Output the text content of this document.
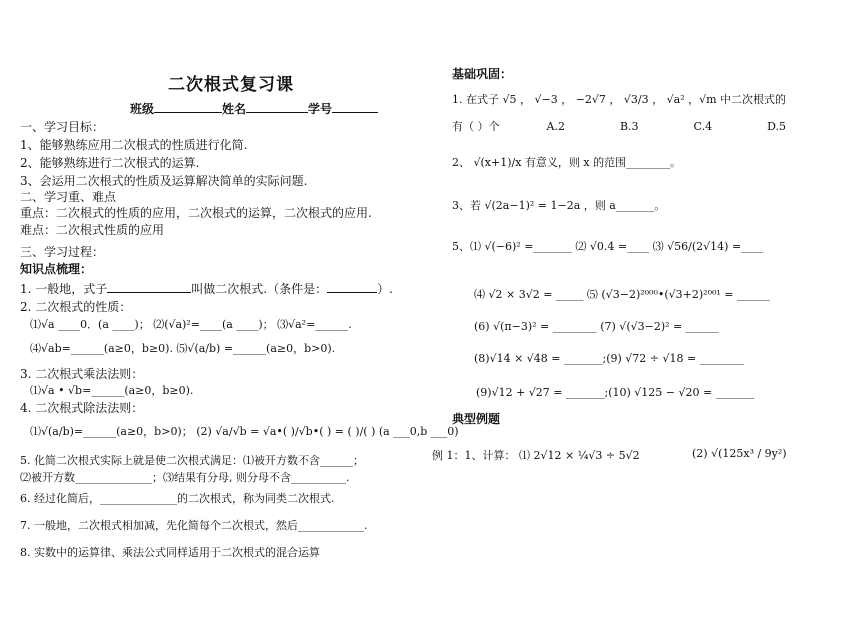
二次根式复习课
班级	姓名	学号
一、学习目标：
1、能够熟练应用二次根式的性质进行化简.
2、能够熟练进行二次根式的运算.
3、会运用二次根式的性质及运算解决简单的实际问题.
二、学习重、难点
重点：二次根式的性质的应用，二次根式的运算，二次根式的应用.
难点：二次根式性质的应用
三、学习过程：
知识点梳理：
1. 一般地，式子	叫做二次根式.（条件是：	）.
2. 二次根式的性质：
⑴√a ____0．(a ____)； ⑵(√a)²=____(a ____)； ⑶√a²=______.
⑷√ab=______(a≥0，b≥0). ⑸√(a/b) =______(a≥0，b>0).
3. 二次根式乘法法则：
⑴√a • √b=______(a≥0，b≥0).
4. 二次根式除法法则：
⑴√(a/b)=______(a≥0，b>0)； (2) √a/√b = √a•( )/√b•( ) = ( )/( ) (a ___0,b ___0)
5. 化简二次根式实际上就是使二次根式满足：⑴被开方数不含______；
⑵被开方数______________；⑶结果有分母, 则分母不含__________.
6. 经过化简后，______________的二次根式，称为同类二次根式.
7. 一般地，二次根式相加减，先化简每个二次根式，然后____________.
8. 实数中的运算律、乘法公式同样适用于二次根式的混合运算
基础巩固：
1. 在式子 √5 ， √−3 ， −2√7 ， √3/3 ， √a² ，√m 中二次根式的
有（ ）个	A.2	B.3	C.4	D.5
2、 √(x+1)/x 有意义，则 x 的范围________。
3、若 √(2a−1)² = 1−2a ，则 a_______。
5、⑴ √(−6)² =_______ ⑵ √0.4 =____ ⑶ √56/(2√14) =____
⑷ √2 × 3√2 = _____ ⑸ (√3−2)²⁰⁰⁰•(√3+2)²⁰⁰¹ = ______
(6) √(π−3)² = ________ (7) √(√3−2)² = ______
(8)√14 × √48 = _______;(9) √72 ÷ √18 = ________
(9)√12 + √27 = _______;(10) √125 − √20 = _______
典型例题
例 1：1、计算： ⑴ 2√12 × ¼√3 ÷ 5√2	(2) √(125x³ / 9y²)
